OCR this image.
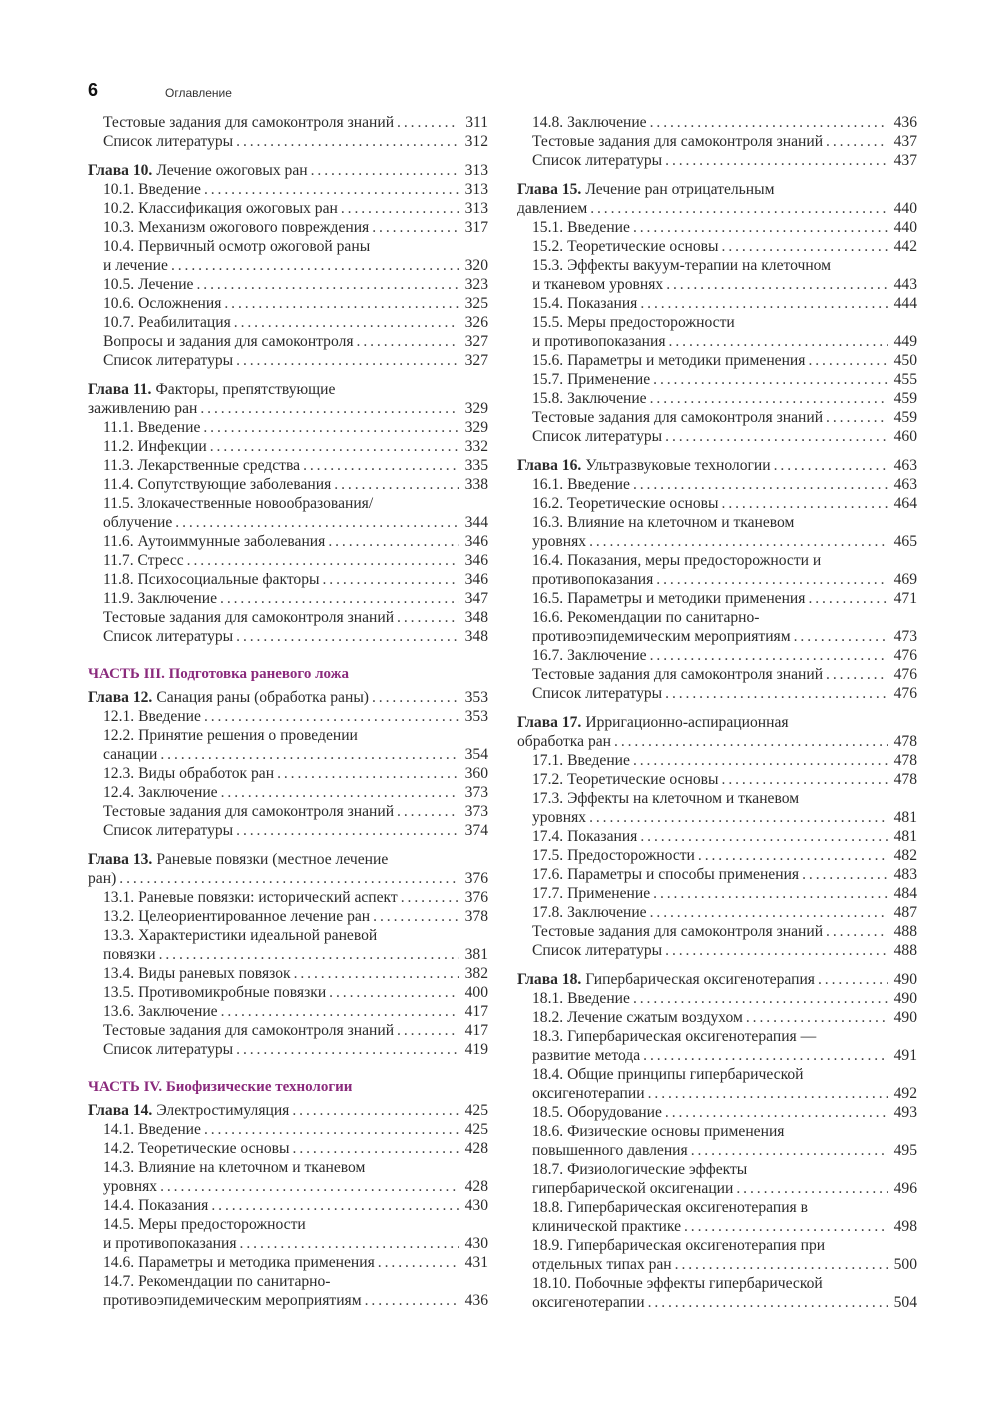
6	Оглавление
Тестовые задания для самоконтроля знаний . . .	311
Список литературы . . .	312
Глава 10. Лечение ожоговых ран . . .	313
10.1. Введение . . .	313
10.2. Классификация ожоговых ран . . .	313
10.3. Механизм ожогового повреждения . . .	317
10.4. Первичный осмотр ожоговой раны
и лечение . . .	320
10.5. Лечение . . .	323
10.6. Осложнения . . .	325
10.7. Реабилитация . . .	326
Вопросы и задания для самоконтроля . . .	327
Список литературы . . .	327
Глава 11. Факторы, препятствующие
заживлению ран . . .	329
11.1. Введение . . .	329
11.2. Инфекции . . .	332
11.3. Лекарственные средства . . .	335
11.4. Сопутствующие заболевания . . .	338
11.5. Злокачественные новообразования/
облучение . . .	344
11.6. Аутоиммунные заболевания . . .	346
11.7. Стресс . . .	346
11.8. Психосоциальные факторы . . .	346
11.9. Заключение . . .	347
Тестовые задания для самоконтроля знаний . . .	348
Список литературы . . .	348
ЧАСТЬ III. Подготовка раневого ложа
Глава 12. Санация раны (обработка раны) . . .	353
12.1. Введение . . .	353
12.2. Принятие решения о проведении
санации . . .	354
12.3. Виды обработок ран . . .	360
12.4. Заключение . . .	373
Тестовые задания для самоконтроля знаний . . .	373
Список литературы . . .	374
Глава 13. Раневые повязки (местное лечение
ран) . . .	376
13.1. Раневые повязки: исторический аспект . . .	376
13.2. Целеориентированное лечение ран . . .	378
13.3. Характеристики идеальной раневой
повязки . . .	381
13.4. Виды раневых повязок . . .	382
13.5. Противомикробные повязки . . .	400
13.6. Заключение . . .	417
Тестовые задания для самоконтроля знаний . . .	417
Список литературы . . .	419
ЧАСТЬ IV. Биофизические технологии
Глава 14. Электростимуляция . . .	425
14.1. Введение . . .	425
14.2. Теоретические основы . . .	428
14.3. Влияние на клеточном и тканевом
уровнях . . .	428
14.4. Показания . . .	430
14.5. Меры предосторожности
и противопоказания . . .	430
14.6. Параметры и методика применения . . .	431
14.7. Рекомендации по санитарно-
противоэпидемическим мероприятиям . . .	436
14.8. Заключение . . .	436
Тестовые задания для самоконтроля знаний . . .	437
Список литературы . . .	437
Глава 15. Лечение ран отрицательным
давлением . . .	440
15.1. Введение . . .	440
15.2. Теоретические основы . . .	442
15.3. Эффекты вакуум-терапии на клеточном
и тканевом уровнях . . .	443
15.4. Показания . . .	444
15.5. Меры предосторожности
и противопоказания . . .	449
15.6. Параметры и методики применения . . .	450
15.7. Применение . . .	455
15.8. Заключение . . .	459
Тестовые задания для самоконтроля знаний . . .	459
Список литературы . . .	460
Глава 16. Ультразвуковые технологии . . .	463
16.1. Введение . . .	463
16.2. Теоретические основы . . .	464
16.3. Влияние на клеточном и тканевом
уровнях . . .	465
16.4. Показания, меры предосторожности и
противопоказания . . .	469
16.5. Параметры и методики применения . . .	471
16.6. Рекомендации по санитарно-
противоэпидемическим мероприятиям . . .	473
16.7. Заключение . . .	476
Тестовые задания для самоконтроля знаний . . .	476
Список литературы . . .	476
Глава 17. Ирригационно-аспирационная
обработка ран . . .	478
17.1. Введение . . .	478
17.2. Теоретические основы . . .	478
17.3. Эффекты на клеточном и тканевом
уровнях . . .	481
17.4. Показания . . .	481
17.5. Предосторожности . . .	482
17.6. Параметры и способы применения . . .	483
17.7. Применение . . .	484
17.8. Заключение . . .	487
Тестовые задания для самоконтроля знаний . . .	488
Список литературы . . .	488
Глава 18. Гипербарическая оксигенотерапия . . .	490
18.1. Введение . . .	490
18.2. Лечение сжатым воздухом . . .	490
18.3. Гипербарическая оксигенотерапия —
развитие метода . . .	491
18.4. Общие принципы гипербарической
оксигенотерапии . . .	492
18.5. Оборудование . . .	493
18.6. Физические основы применения
повышенного давления . . .	495
18.7. Физиологические эффекты
гипербарической оксигенации . . .	496
18.8. Гипербарическая оксигенотерапия в
клинической практике . . .	498
18.9. Гипербарическая оксигенотерапия при
отдельных типах ран . . .	500
18.10. Побочные эффекты гипербарической
оксигенотерапии . . .	504
